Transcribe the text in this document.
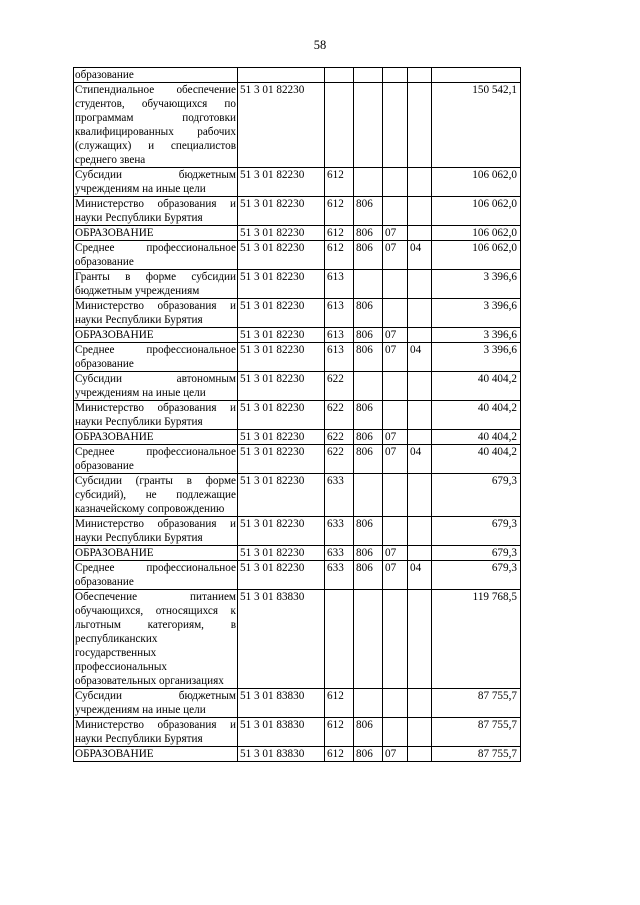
58
образование						
Стипендиальное обеспечение студентов, обучающихся по программам подготовки квалифицированных рабочих (служащих) и специалистов среднего звена	51 3 01 82230					150 542,1
Субсидии бюджетным учреждениям на иные цели	51 3 01 82230	612				106 062,0
Министерство образования и науки Республики Бурятия	51 3 01 82230	612	806			106 062,0
ОБРАЗОВАНИЕ	51 3 01 82230	612	806	07		106 062,0
Среднее профессиональное образование	51 3 01 82230	612	806	07	04	106 062,0
Гранты в форме субсидии бюджетным учреждениям	51 3 01 82230	613				3 396,6
Министерство образования и науки Республики Бурятия	51 3 01 82230	613	806			3 396,6
ОБРАЗОВАНИЕ	51 3 01 82230	613	806	07		3 396,6
Среднее профессиональное образование	51 3 01 82230	613	806	07	04	3 396,6
Субсидии автономным учреждениям на иные цели	51 3 01 82230	622				40 404,2
Министерство образования и науки Республики Бурятия	51 3 01 82230	622	806			40 404,2
ОБРАЗОВАНИЕ	51 3 01 82230	622	806	07		40 404,2
Среднее профессиональное образование	51 3 01 82230	622	806	07	04	40 404,2
Субсидии (гранты в форме субсидий), не подлежащие казначейскому сопровождению	51 3 01 82230	633				679,3
Министерство образования и науки Республики Бурятия	51 3 01 82230	633	806			679,3
ОБРАЗОВАНИЕ	51 3 01 82230	633	806	07		679,3
Среднее профессиональное образование	51 3 01 82230	633	806	07	04	679,3
Обеспечение питанием обучающихся, относящихся к льготным категориям, в республиканских государственных профессиональных образовательных организациях	51 3 01 83830					119 768,5
Субсидии бюджетным учреждениям на иные цели	51 3 01 83830	612				87 755,7
Министерство образования и науки Республики Бурятия	51 3 01 83830	612	806			87 755,7
ОБРАЗОВАНИЕ	51 3 01 83830	612	806	07		87 755,7
